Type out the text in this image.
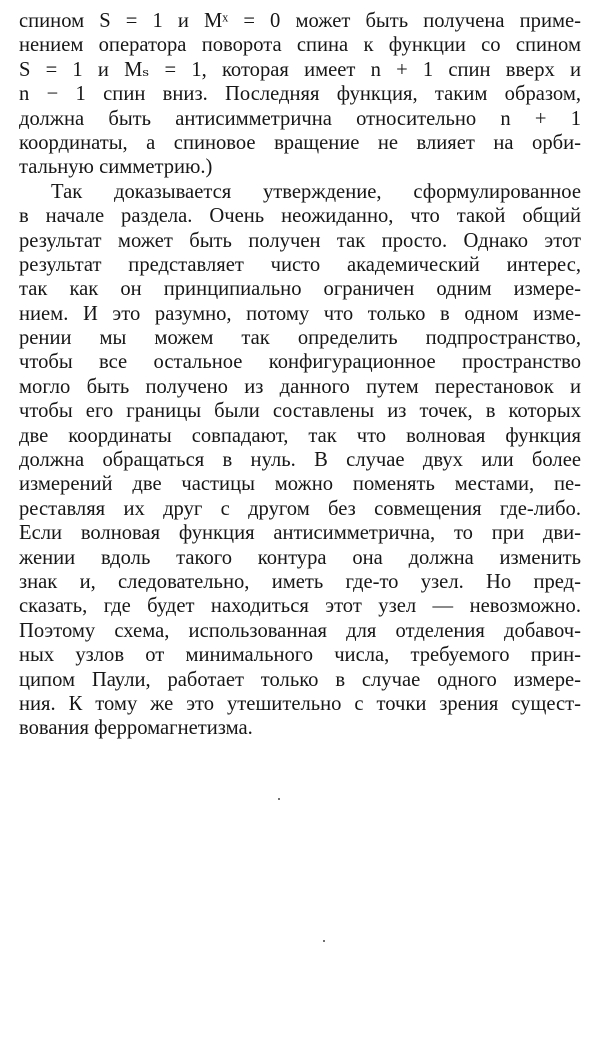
спином S = 1 и Mˣ = 0 может быть получена приме-
нением оператора поворота спина к функции со спином
S = 1 и Mₛ = 1, которая имеет n + 1 спин вверх и
n − 1 спин вниз. Последняя функция, таким образом,
должна быть антисимметрична относительно n + 1
координаты, а спиновое вращение не влияет на орби-
тальную симметрию.)
Так доказывается утверждение, сформулированное
в начале раздела. Очень неожиданно, что такой общий
результат может быть получен так просто. Однако этот
результат представляет чисто академический интерес,
так как он принципиально ограничен одним измере-
нием. И это разумно, потому что только в одном изме-
рении мы можем так определить подпространство,
чтобы все остальное конфигурационное пространство
могло быть получено из данного путем перестановок и
чтобы его границы были составлены из точек, в которых
две координаты совпадают, так что волновая функция
должна обращаться в нуль. В случае двух или более
измерений две частицы можно поменять местами, пе-
реставляя их друг с другом без совмещения где-либо.
Если волновая функция антисимметрична, то при дви-
жении вдоль такого контура она должна изменить
знак и, следовательно, иметь где-то узел. Но пред-
сказать, где будет находиться этот узел — невозможно.
Поэтому схема, использованная для отделения добавоч-
ных узлов от минимального числа, требуемого прин-
ципом Паули, работает только в случае одного измере-
ния. К тому же это утешительно с точки зрения сущест-
вования ферромагнетизма.
